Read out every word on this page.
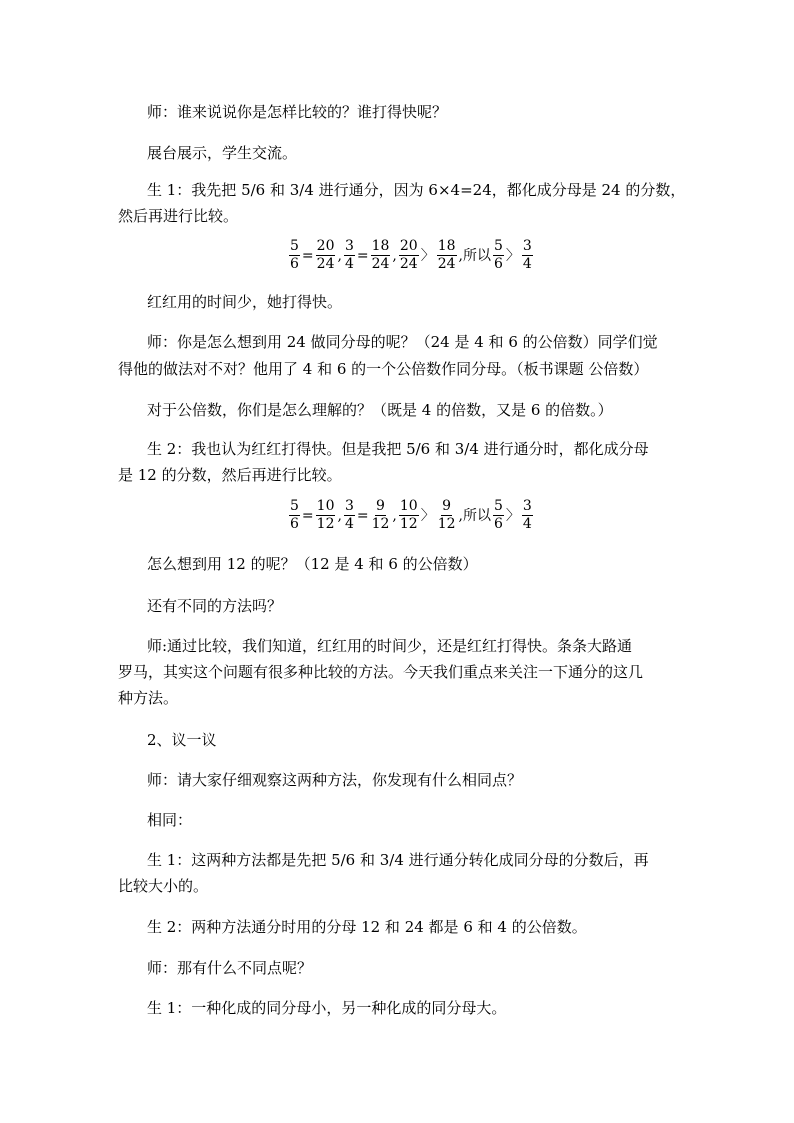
师：谁来说说你是怎样比较的？谁打得快呢？
展台展示，学生交流。
生 1：我先把 5/6 和 3/4 进行通分，因为 6×4=24，都化成分母是 24 的分数，
然后再进行比较。
$\frac{5}{6} = \frac{20}{24}$ , $\frac{3}{4} = \frac{18}{24}$ , $\frac{20}{24}$ 〉 $\frac{18}{24}$ ,所以 $\frac{5}{6}$ 〉 $\frac{3}{4}$
红红用的时间少，她打得快。
师：你是怎么想到用 24 做同分母的呢？（24 是 4 和 6 的公倍数）同学们觉
得他的做法对不对？他用了 4 和 6 的一个公倍数作同分母。（板书课题 公倍数）
对于公倍数，你们是怎么理解的？（既是 4 的倍数，又是 6 的倍数。）
生 2：我也认为红红打得快。但是我把 5/6 和 3/4 进行通分时，都化成分母
是 12 的分数，然后再进行比较。
$\frac{5}{6} = \frac{10}{12}$ , $\frac{3}{4} = \frac{9}{12}$ , $\frac{10}{12}$ 〉 $\frac{9}{12}$ ,所以 $\frac{5}{6}$ 〉 $\frac{3}{4}$
怎么想到用 12 的呢？（12 是 4 和 6 的公倍数）
还有不同的方法吗？
师:通过比较，我们知道，红红用的时间少，还是红红打得快。条条大路通
罗马，其实这个问题有很多种比较的方法。今天我们重点来关注一下通分的这几
种方法。
2、议一议
师：请大家仔细观察这两种方法，你发现有什么相同点？
相同：
生 1：这两种方法都是先把 5/6 和 3/4 进行通分转化成同分母的分数后，再
比较大小的。
生 2：两种方法通分时用的分母 12 和 24 都是 6 和 4 的公倍数。
师：那有什么不同点呢？
生 1：一种化成的同分母小，另一种化成的同分母大。
